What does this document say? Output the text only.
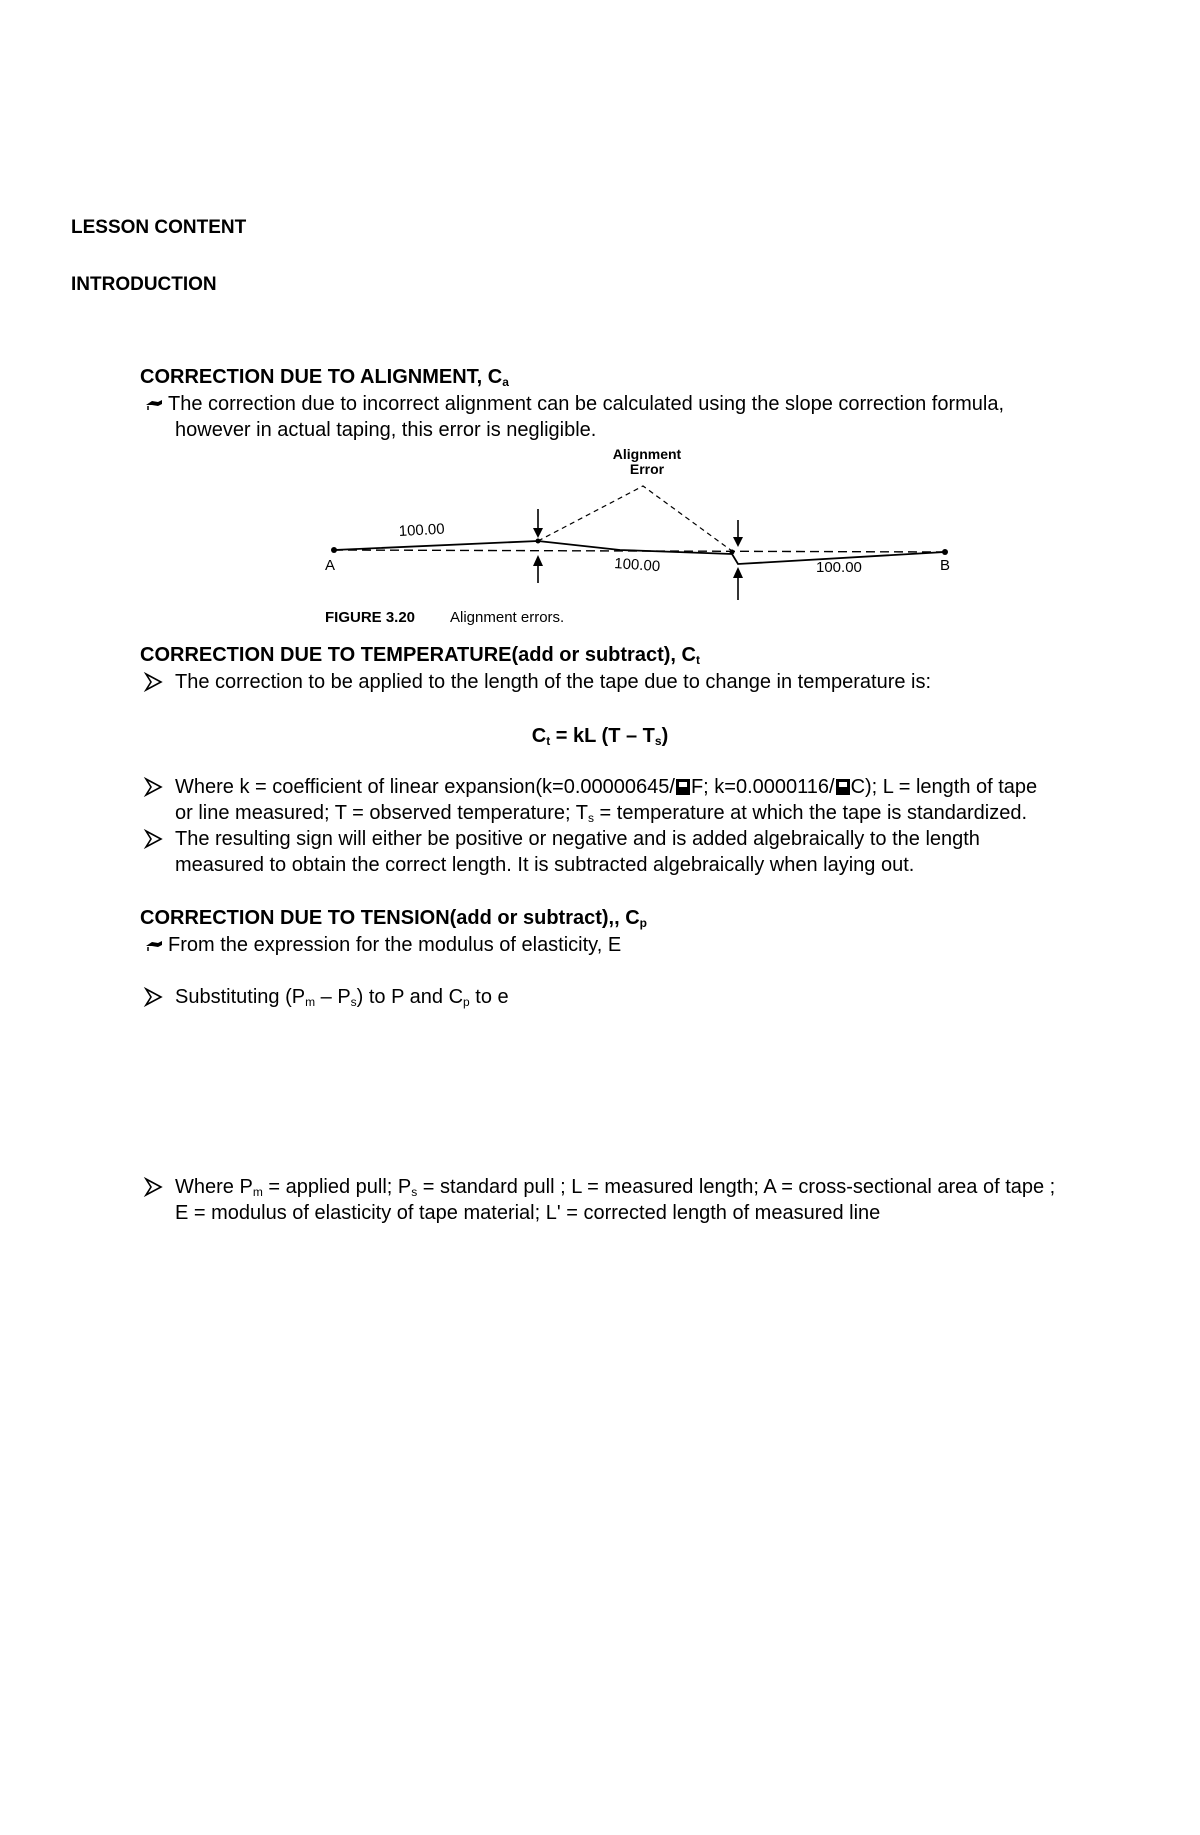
LESSON CONTENT
INTRODUCTION
CORRECTION DUE TO ALIGNMENT, $C_a$
The correction due to incorrect alignment can be calculated using the slope correction formula,
however in actual taping, this error is negligible.
Alignment
Error
100.00
100.00	100.00
A	B
FIGURE 3.20 Alignment errors.
CORRECTION DUE TO TEMPERATURE(add or subtract), $C_t$
The correction to be applied to the length of the tape due to change in temperature is:
$C_t$ = kL $(T - T_s)$
Where k = coefficient of linear expansion(k=0.00000645/ F; k=0.0000116/ C); L = length of tape
or line measured; T = observed temperature; $T_s$ = temperature at which the tape is standardized.
The resulting sign will either be positive or negative and is added algebraically to the length
measured to obtain the correct length. It is subtracted algebraically when laying out.
CORRECTION DUE TO TENSION(add or subtract),, $C_p$
From the expression for the modulus of elasticity, E
Substituting $(P_m - P_s)$ to P and $C_p$ to e
Where $P_m$ = applied pull; $P_s$ = standard pull ; L = measured length; A = cross-sectional area of tape ;
E = modulus of elasticity of tape material; L' = corrected length of measured line
